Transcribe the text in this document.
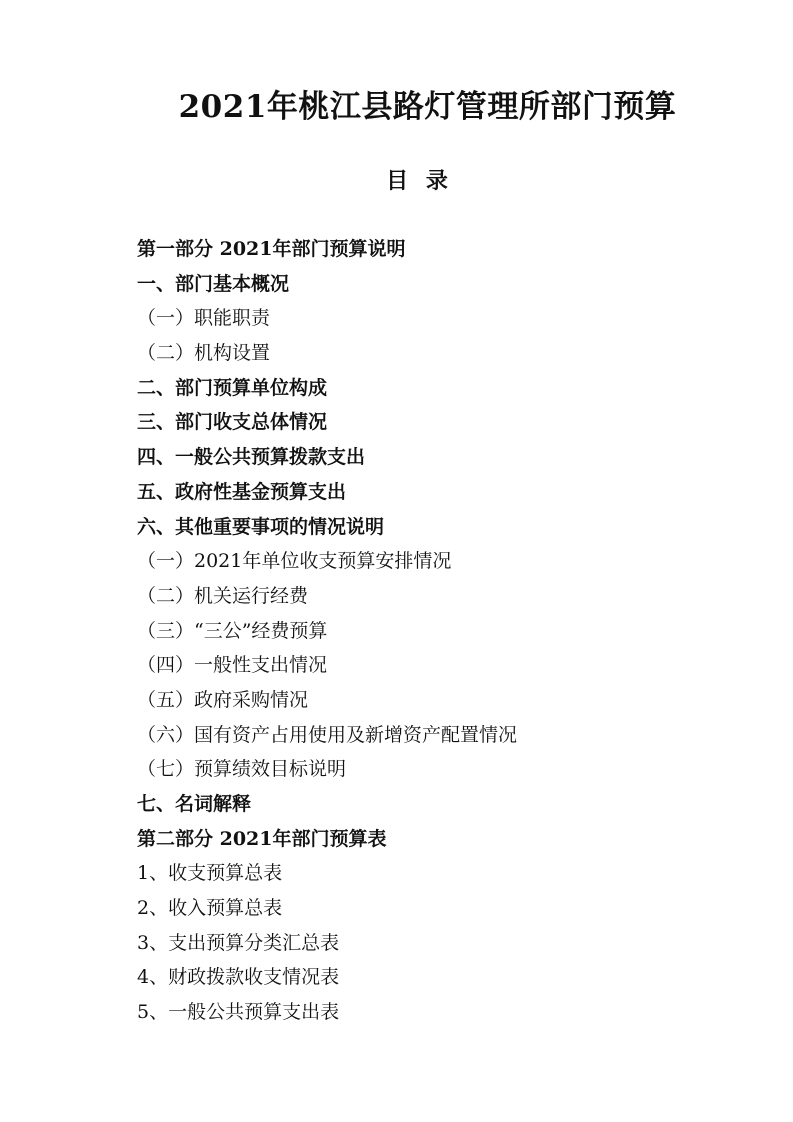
2021年桃江县路灯管理所部门预算
目 录
第一部分 2021年部门预算说明
一、部门基本概况
（一）职能职责
（二）机构设置
二、部门预算单位构成
三、部门收支总体情况
四、一般公共预算拨款支出
五、政府性基金预算支出
六、其他重要事项的情况说明
（一）2021年单位收支预算安排情况
（二）机关运行经费
（三）“三公”经费预算
（四）一般性支出情况
（五）政府采购情况
（六）国有资产占用使用及新增资产配置情况
（七）预算绩效目标说明
七、名词解释
第二部分 2021年部门预算表
1、收支预算总表
2、收入预算总表
3、支出预算分类汇总表
4、财政拨款收支情况表
5、一般公共预算支出表
